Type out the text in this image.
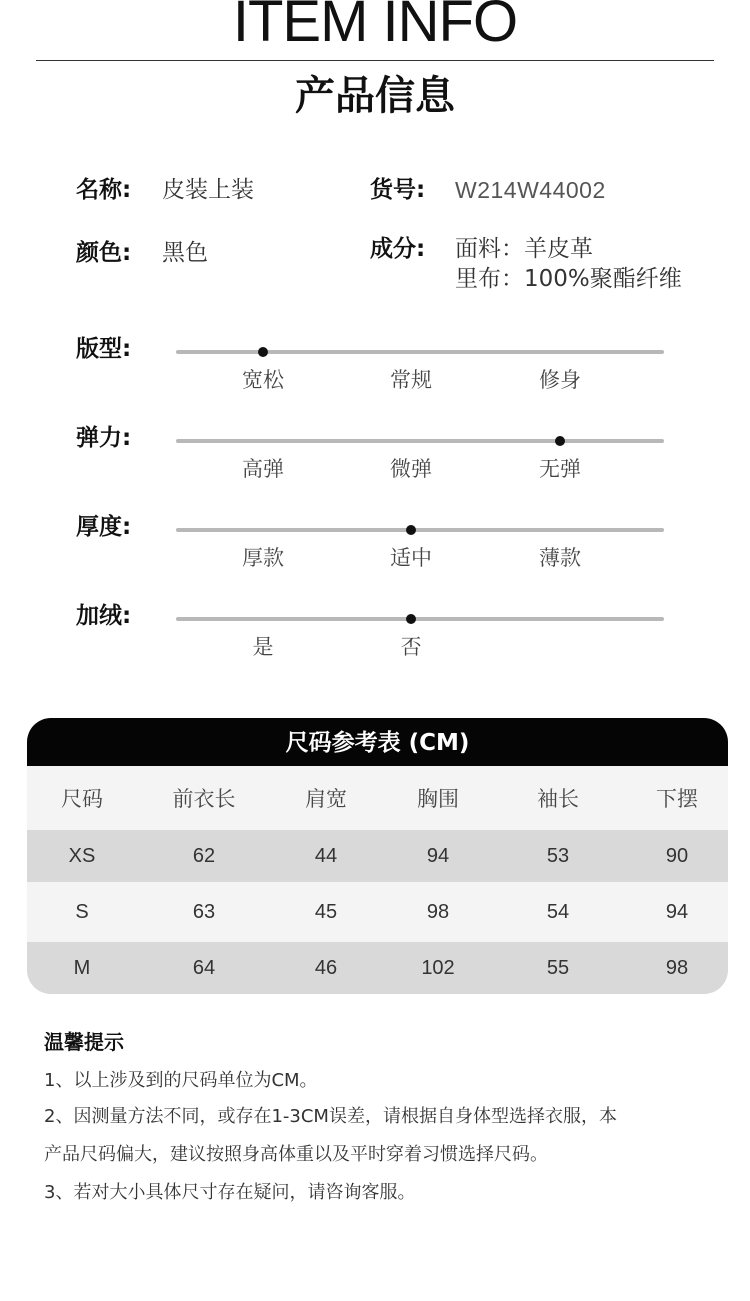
ITEM INFO
产品信息
名称: 皮装上装	货号: W214W44002
颜色: 黑色	成分: 面料：羊皮革
里布：100%聚酯纤维
版型:
宽松	常规	修身
弹力:
高弹	微弹	无弹
厚度:
厚款	适中	薄款
加绒:
是	否
尺码参考表 (CM)
尺码	前衣长	肩宽	胸围	袖长	下摆
XS	62	44	94	53	90
S	63	45	98	54	94
M	64	46	102	55	98
温馨提示
1、以上涉及到的尺码单位为CM。
2、因测量方法不同，或存在1-3CM误差，请根据自身体型选择衣服，本
产品尺码偏大，建议按照身高体重以及平时穿着习惯选择尺码。
3、若对大小具体尺寸存在疑问，请咨询客服。
